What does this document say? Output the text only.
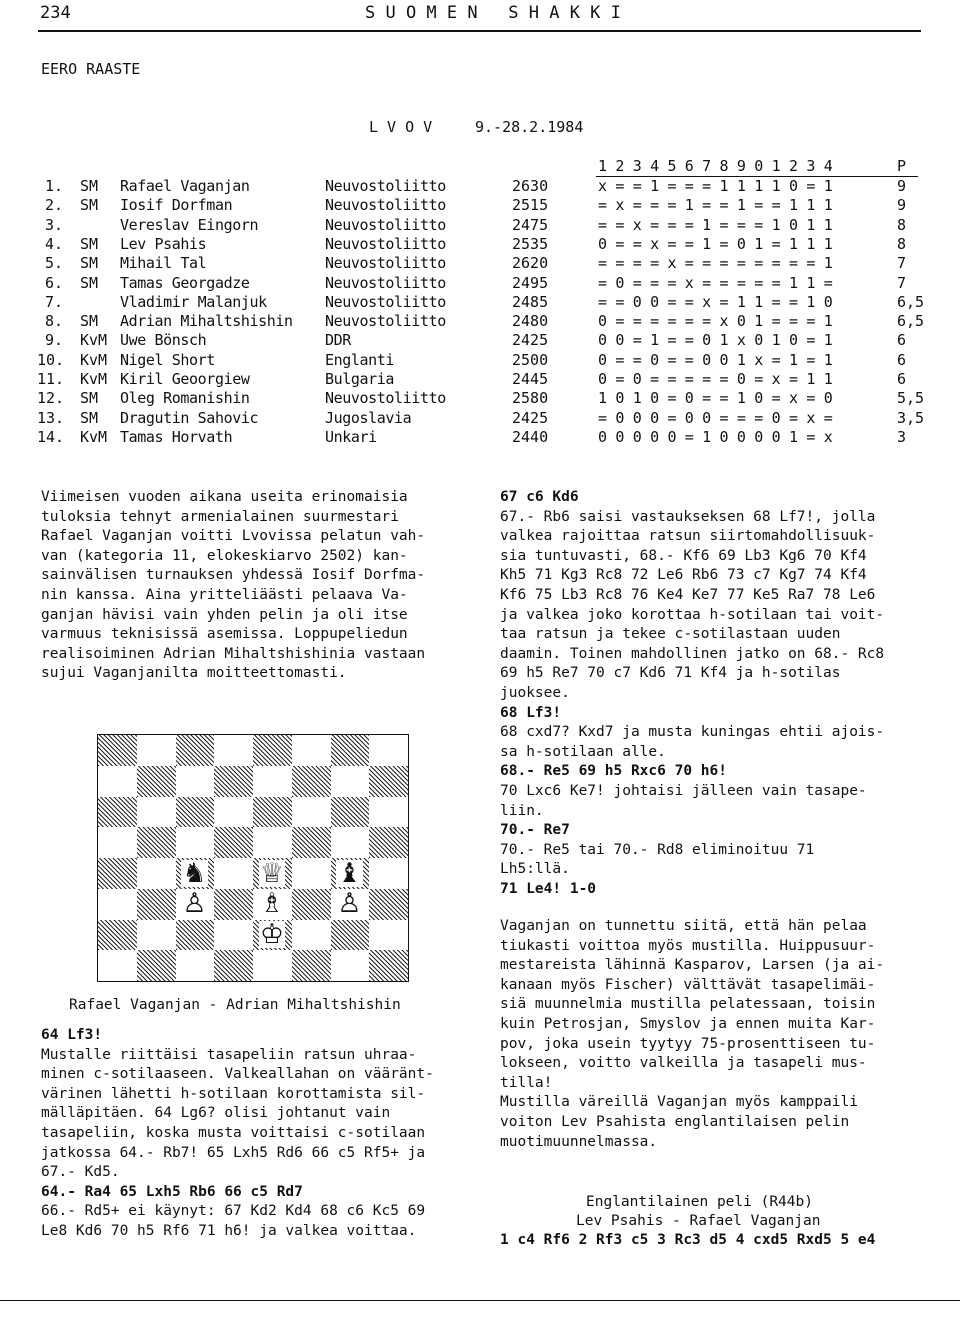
234	S U O M E N   S H A K K I
EERO RAASTE
L V O V	9.-28.2.1984
1 2 3 4 5 6 7 8 9 0 1 2 3 4	P
1. SM Rafael Vaganjan	Neuvostoliitto	2630	x = = 1 = = = 1 1 1 1 0 = 1	9
2. SM Iosif Dorfman	Neuvostoliitto	2515	= x = = = 1 = = 1 = = 1 1 1	9
3.	Vereslav Eingorn	Neuvostoliitto	2475	= = x = = = 1 = = = 1 0 1 1	8
4. SM Lev Psahis	Neuvostoliitto	2535	0 = = x = = 1 = 0 1 = 1 1 1	8
5. SM Mihail Tal	Neuvostoliitto	2620	= = = = x = = = = = = = = 1	7
6. SM Tamas Georgadze	Neuvostoliitto	2495	= 0 = = = x = = = = = 1 1 =	7
7.	Vladimir Malanjuk	Neuvostoliitto	2485	= = 0 0 = = x = 1 1 = = 1 0	6,5
8. SM Adrian Mihaltshishin Neuvostoliitto	2480	0 = = = = = = x 0 1 = = = 1	6,5
9. KvM Uwe Bönsch	DDR	2425	0 0 = 1 = = 0 1 x 0 1 0 = 1	6
10. KvM Nigel Short	Englanti	2500	0 = = 0 = = 0 0 1 x = 1 = 1	6
11. KvM Kiril Geoorgiew	Bulgaria	2445	0 = 0 = = = = = 0 = x = 1 1	6
12. SM Oleg Romanishin	Neuvostoliitto	2580	1 0 1 0 = 0 = = 1 0 = x = 0	5,5
13. SM Dragutin Sahovic	Jugoslavia	2425	= 0 0 0 = 0 0 = = = 0 = x =	3,5
14. KvM Tamas Horvath	Unkari	2440	0 0 0 0 0 = 1 0 0 0 0 1 = x	3
Viimeisen vuoden aikana useita erinomaisia
tuloksia tehnyt armenialainen suurmestari
Rafael Vaganjan voitti Lvovissa pelatun vah-
van (kategoria 11, elokeskiarvo 2502) kan-
sainvälisen turnauksen yhdessä Iosif Dorfma-
nin kanssa. Aina yritteliäästi pelaava Va-
ganjan hävisi vain yhden pelin ja oli itse
varmuus teknisissä asemissa. Loppupeliedun
realisoiminen Adrian Mihaltshishinia vastaan
sujui Vaganjanilta moitteettomasti.
♞ ♕ ♝
♙ ♗ ♙
♔
Rafael Vaganjan - Adrian Mihaltshishin
64 Lf3!
Mustalle riittäisi tasapeliin ratsun uhraa-
minen c-sotilaaseen. Valkeallahan on vääränt-
värinen lähetti h-sotilaan korottamista sil-
mälläpitäen. 64 Lg6? olisi johtanut vain
tasapeliin, koska musta voittaisi c-sotilaan
jatkossa 64.- Rb7! 65 Lxh5 Rd6 66 c5 Rf5+ ja
67.- Kd5.
64.- Ra4 65 Lxh5 Rb6 66 c5 Rd7
66.- Rd5+ ei käynyt: 67 Kd2 Kd4 68 c6 Kc5 69
Le8 Kd6 70 h5 Rf6 71 h6! ja valkea voittaa.
67 c6 Kd6
67.- Rb6 saisi vastaukseksen 68 Lf7!, jolla
valkea rajoittaa ratsun siirtomahdollisuuk-
sia tuntuvasti, 68.- Kf6 69 Lb3 Kg6 70 Kf4
Kh5 71 Kg3 Rc8 72 Le6 Rb6 73 c7 Kg7 74 Kf4
Kf6 75 Lb3 Rc8 76 Ke4 Ke7 77 Ke5 Ra7 78 Le6
ja valkea joko korottaa h-sotilaan tai voit-
taa ratsun ja tekee c-sotilastaan uuden
daamin. Toinen mahdollinen jatko on 68.- Rc8
69 h5 Re7 70 c7 Kd6 71 Kf4 ja h-sotilas
juoksee.
68 Lf3!
68 cxd7? Kxd7 ja musta kuningas ehtii ajois-
sa h-sotilaan alle.
68.- Re5 69 h5 Rxc6 70 h6!
70 Lxc6 Ke7! johtaisi jälleen vain tasape-
liin.
70.- Re7
70.- Re5 tai 70.- Rd8 eliminoituu 71
Lh5:llä.
71 Le4! 1-0
Vaganjan on tunnettu siitä, että hän pelaa
tiukasti voittoa myös mustilla. Huippusuur-
mestareista lähinnä Kasparov, Larsen (ja ai-
kanaan myös Fischer) välttävät tasapelimäi-
siä muunnelmia mustilla pelatessaan, toisin
kuin Petrosjan, Smyslov ja ennen muita Kar-
pov, joka usein tyytyy 75-prosenttiseen tu-
lokseen, voitto valkeilla ja tasapeli mus-
tilla!
Mustilla väreillä Vaganjan myös kamppaili
voiton Lev Psahista englantilaisen pelin
muotimuunnelmassa.
Englantilainen peli (R44b)
Lev Psahis - Rafael Vaganjan
1 c4 Rf6 2 Rf3 c5 3 Rc3 d5 4 cxd5 Rxd5 5 e4
